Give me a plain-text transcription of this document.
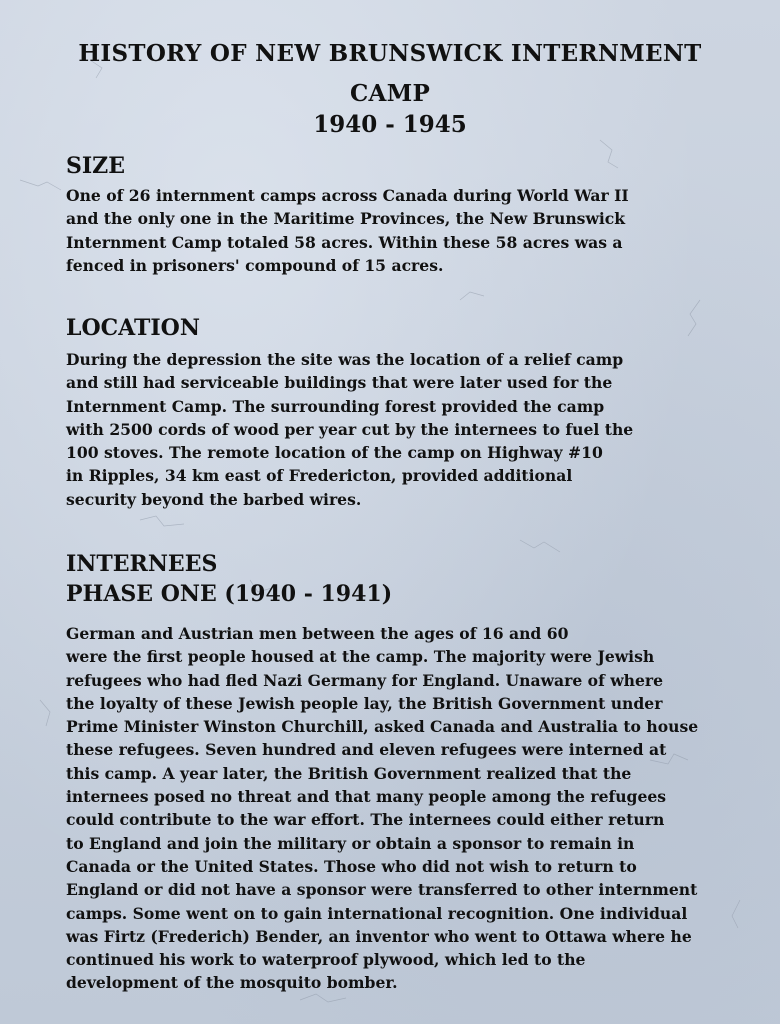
HISTORY OF NEW BRUNSWICK INTERNMENT

CAMP

1940 - 1945

SIZE

One of 26 internment camps across Canada during World War II
and the only one in the Maritime Provinces, the New Brunswick
Internment Camp totaled 58 acres. Within these 58 acres was a
fenced in prisoners' compound of 15 acres.

LOCATION

During the depression the site was the location of a relief camp
and still had serviceable buildings that were later used for the
Internment Camp. The surrounding forest provided the camp
with 2500 cords of wood per year cut by the internees to fuel the
100 stoves. The remote location of the camp on Highway #10
in Ripples, 34 km east of Fredericton, provided additional
security beyond the barbed wires.

INTERNEES

PHASE ONE (1940 - 1941)

German and Austrian men between the ages of 16 and 60
were the first people housed at the camp. The majority were Jewish
refugees who had fled Nazi Germany for England. Unaware of where
the loyalty of these Jewish people lay, the British Government under
Prime Minister Winston Churchill, asked Canada and Australia to house
these refugees. Seven hundred and eleven refugees were interned at
this camp. A year later, the British Government realized that the
internees posed no threat and that many people among the refugees
could contribute to the war effort. The internees could either return
to England and join the military or obtain a sponsor to remain in
Canada or the United States. Those who did not wish to return to
England or did not have a sponsor were transferred to other internment
camps. Some went on to gain international recognition. One individual
was Firtz (Frederich) Bender, an inventor who went to Ottawa where he
continued his work to waterproof plywood, which led to the
development of the mosquito bomber.
